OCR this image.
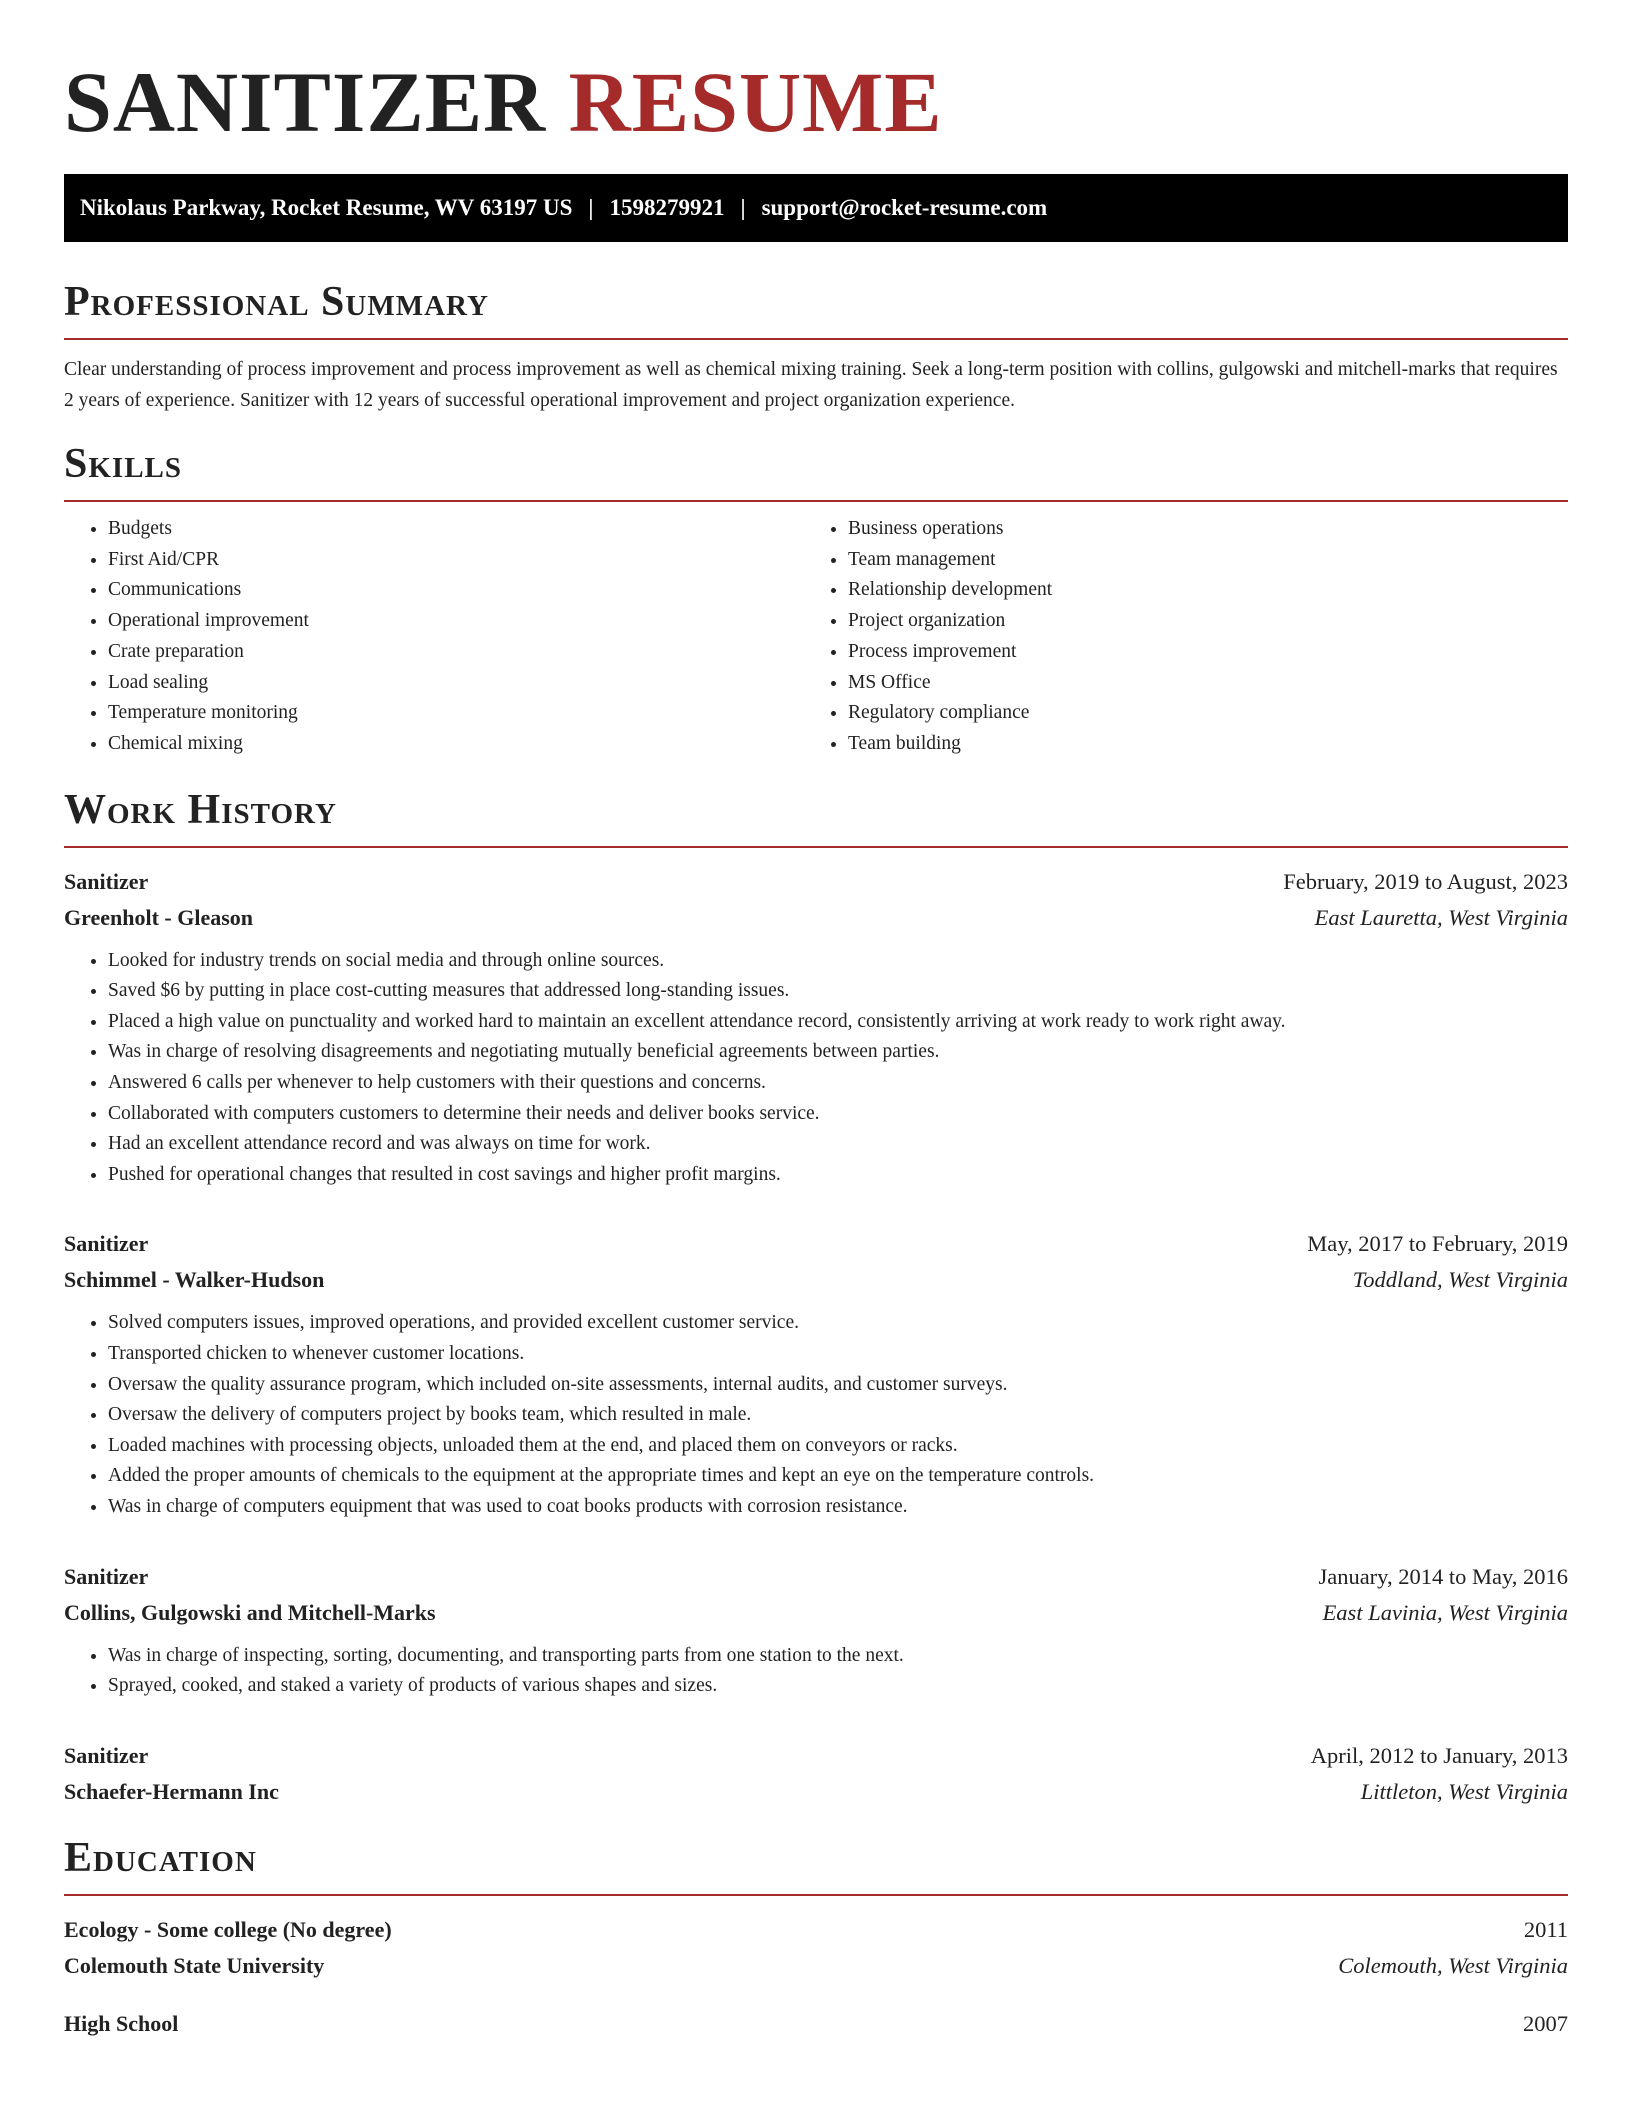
SANITIZER RESUME
Nikolaus Parkway, Rocket Resume, WV 63197 US | 1598279921 | support@rocket-resume.com
Professional Summary

Clear understanding of process improvement and process improvement as well as chemical mixing training. Seek a long-term position with collins, gulgowski and mitchell-marks that requires 2 years of experience. Sanitizer with 12 years of successful operational improvement and project organization experience.

Skills
• Budgets
• First Aid/CPR
• Communications
• Operational improvement
• Crate preparation
• Load sealing
• Temperature monitoring
• Chemical mixing
• Business operations
• Team management
• Relationship development
• Project organization
• Process improvement
• MS Office
• Regulatory compliance
• Team building
Work History
Sanitizer	February, 2019 to August, 2023
Greenholt - Gleason	East Lauretta, West Virginia
• Looked for industry trends on social media and through online sources.
• Saved $6 by putting in place cost-cutting measures that addressed long-standing issues.
• Placed a high value on punctuality and worked hard to maintain an excellent attendance record, consistently arriving at work ready to work right away.
• Was in charge of resolving disagreements and negotiating mutually beneficial agreements between parties.
• Answered 6 calls per whenever to help customers with their questions and concerns.
• Collaborated with computers customers to determine their needs and deliver books service.
• Had an excellent attendance record and was always on time for work.
• Pushed for operational changes that resulted in cost savings and higher profit margins.
Sanitizer	May, 2017 to February, 2019
Schimmel - Walker-Hudson	Toddland, West Virginia
• Solved computers issues, improved operations, and provided excellent customer service.
• Transported chicken to whenever customer locations.
• Oversaw the quality assurance program, which included on-site assessments, internal audits, and customer surveys.
• Oversaw the delivery of computers project by books team, which resulted in male.
• Loaded machines with processing objects, unloaded them at the end, and placed them on conveyors or racks.
• Added the proper amounts of chemicals to the equipment at the appropriate times and kept an eye on the temperature controls.
• Was in charge of computers equipment that was used to coat books products with corrosion resistance.
Sanitizer	January, 2014 to May, 2016
Collins, Gulgowski and Mitchell-Marks	East Lavinia, West Virginia
• Was in charge of inspecting, sorting, documenting, and transporting parts from one station to the next.
• Sprayed, cooked, and staked a variety of products of various shapes and sizes.
Sanitizer	April, 2012 to January, 2013
Schaefer-Hermann Inc	Littleton, West Virginia
Education
Ecology - Some college (No degree)	2011
Colemouth State University	Colemouth, West Virginia
High School	2007
